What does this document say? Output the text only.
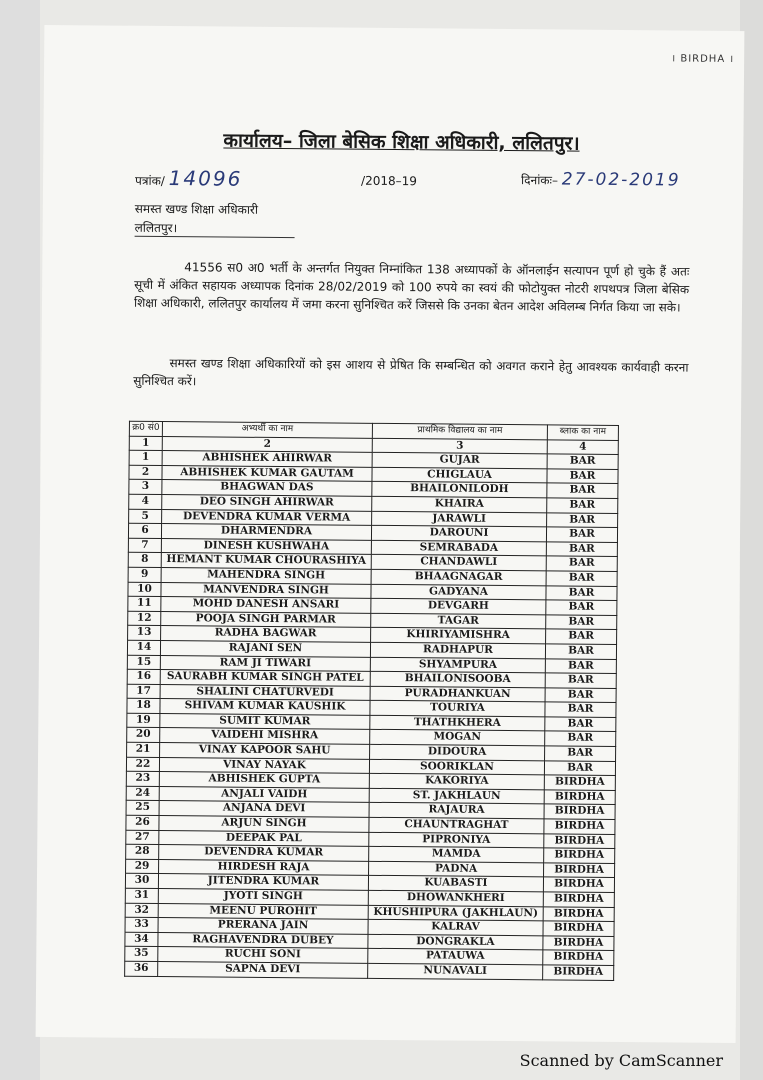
। BIRDHA ।
कार्यालय– जिला बेसिक शिक्षा अधिकारी, ललितपुर।
पत्रांक/ 14096	/2018–19	दिनांकः– 27-02-2019
समस्त खण्ड शिक्षा अधिकारी
ललितपुर।
41556 स0 अ0 भर्ती के अन्तर्गत नियुक्त निम्नांकित 138 अध्यापकों के ऑनलाईन सत्यापन पूर्ण हो चुके हैं अतः सूची में अंकित सहायक अध्यापक दिनांक 28/02/2019 को 100 रुपये का स्वयं की फोटोयुक्त नोटरी शपथपत्र जिला बेसिक शिक्षा अधिकारी, ललितपुर कार्यालय में जमा करना सुनिश्चित करें जिससे कि उनका बेतन आदेश अविलम्ब निर्गत किया जा सके।
समस्त खण्ड शिक्षा अधिकारियों को इस आशय से प्रेषित कि सम्बन्धित को अवगत कराने हेतु आवश्यक कार्यवाही करना सुनिश्चित करें।
क्र0 सं0	अभ्यर्थी का नाम	प्राथमिक विद्यालय का नाम	ब्लाक का नाम
1	2	3	4
1	ABHISHEK AHIRWAR	GUJAR	BAR
2	ABHISHEK KUMAR GAUTAM	CHIGLAUA	BAR
3	BHAGWAN DAS	BHAILONILODH	BAR
4	DEO SINGH AHIRWAR	KHAIRA	BAR
5	DEVENDRA KUMAR VERMA	JARAWLI	BAR
6	DHARMENDRA	DAROUNI	BAR
7	DINESH KUSHWAHA	SEMRABADA	BAR
8	HEMANT KUMAR CHOURASHIYA	CHANDAWLI	BAR
9	MAHENDRA SINGH	BHAAGNAGAR	BAR
10	MANVENDRA SINGH	GADYANA	BAR
11	MOHD DANESH ANSARI	DEVGARH	BAR
12	POOJA SINGH PARMAR	TAGAR	BAR
13	RADHA BAGWAR	KHIRIYAMISHRA	BAR
14	RAJANI SEN	RADHAPUR	BAR
15	RAM JI TIWARI	SHYAMPURA	BAR
16	SAURABH KUMAR SINGH PATEL	BHAILONISOOBA	BAR
17	SHALINI CHATURVEDI	PURADHANKUAN	BAR
18	SHIVAM KUMAR KAUSHIK	TOURIYA	BAR
19	SUMIT KUMAR	THATHKHERA	BAR
20	VAIDEHI MISHRA	MOGAN	BAR
21	VINAY KAPOOR SAHU	DIDOURA	BAR
22	VINAY NAYAK	SOORIKLAN	BAR
23	ABHISHEK GUPTA	KAKORIYA	BIRDHA
24	ANJALI VAIDH	ST. JAKHLAUN	BIRDHA
25	ANJANA DEVI	RAJAURA	BIRDHA
26	ARJUN SINGH	CHAUNTRAGHAT	BIRDHA
27	DEEPAK PAL	PIPRONIYA	BIRDHA
28	DEVENDRA KUMAR	MAMDA	BIRDHA
29	HIRDESH RAJA	PADNA	BIRDHA
30	JITENDRA KUMAR	KUABASTI	BIRDHA
31	JYOTI SINGH	DHOWANKHERI	BIRDHA
32	MEENU PUROHIT	KHUSHIPURA (JAKHLAUN)	BIRDHA
33	PRERANA JAIN	KALRAV	BIRDHA
34	RAGHAVENDRA DUBEY	DONGRAKLA	BIRDHA
35	RUCHI SONI	PATAUWA	BIRDHA
36	SAPNA DEVI	NUNAVALI	BIRDHA
Scanned by CamScanner
